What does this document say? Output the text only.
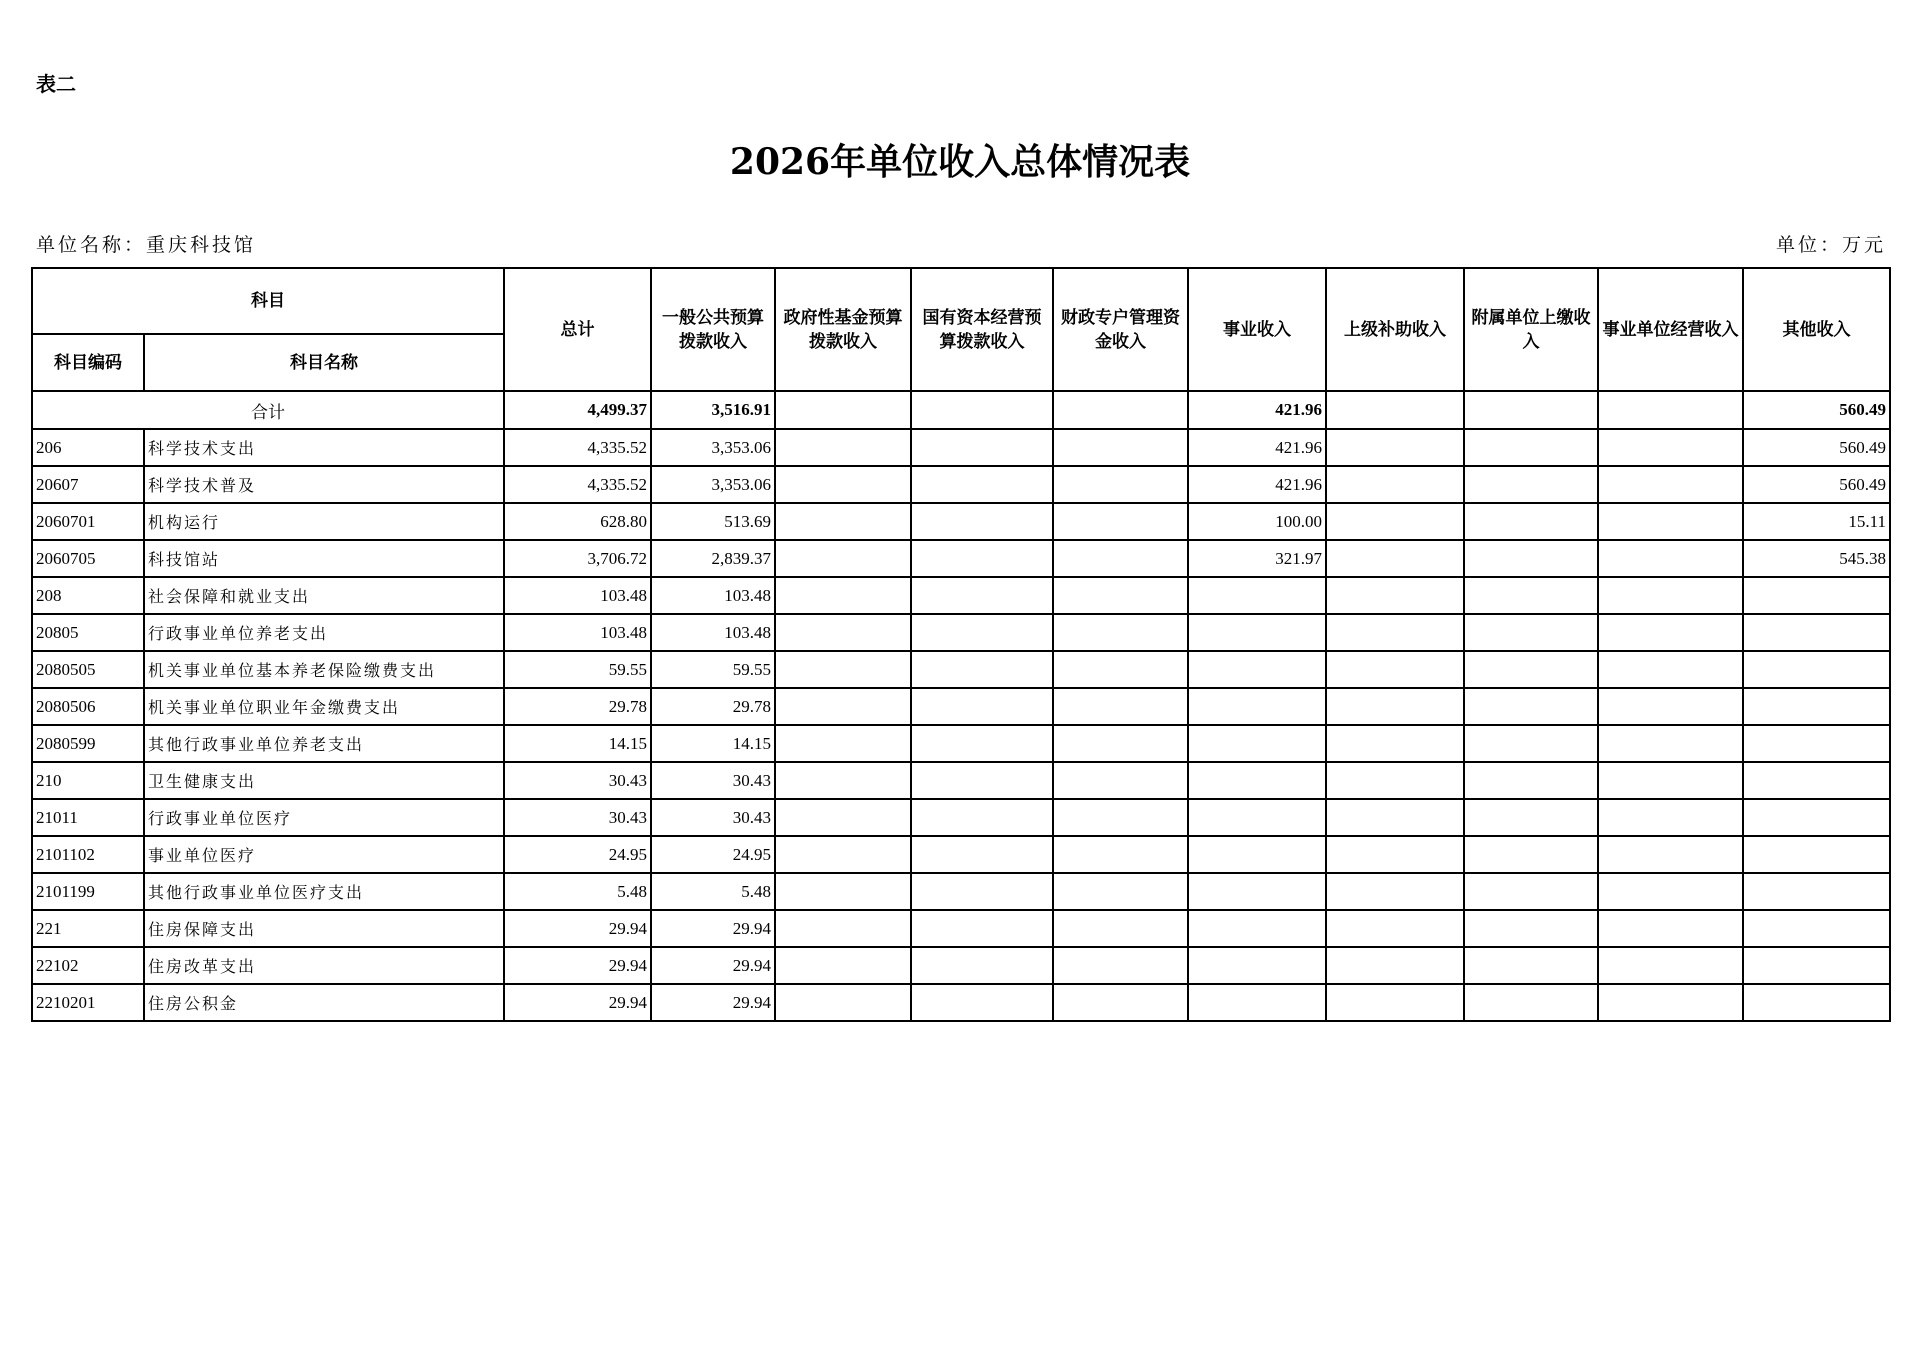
表二
2026年单位收入总体情况表
单位名称：重庆科技馆	单位：万元
科目		总计	一般公共预算拨款收入	政府性基金预算拨款收入	国有资本经营预算拨款收入	财政专户管理资金收入	事业收入	上级补助收入	附属单位上缴收入	事业单位经营收入	其他收入
科目编码	科目名称										
合计		4,499.37	3,516.91				421.96				560.49
206	科学技术支出	4,335.52	3,353.06				421.96				560.49
20607	科学技术普及	4,335.52	3,353.06				421.96				560.49
2060701	机构运行	628.80	513.69				100.00				15.11
2060705	科技馆站	3,706.72	2,839.37				321.97				545.38
208	社会保障和就业支出	103.48	103.48								
20805	行政事业单位养老支出	103.48	103.48								
2080505	机关事业单位基本养老保险缴费支出	59.55	59.55								
2080506	机关事业单位职业年金缴费支出	29.78	29.78								
2080599	其他行政事业单位养老支出	14.15	14.15								
210	卫生健康支出	30.43	30.43								
21011	行政事业单位医疗	30.43	30.43								
2101102	事业单位医疗	24.95	24.95								
2101199	其他行政事业单位医疗支出	5.48	5.48								
221	住房保障支出	29.94	29.94								
22102	住房改革支出	29.94	29.94								
2210201	住房公积金	29.94	29.94								
